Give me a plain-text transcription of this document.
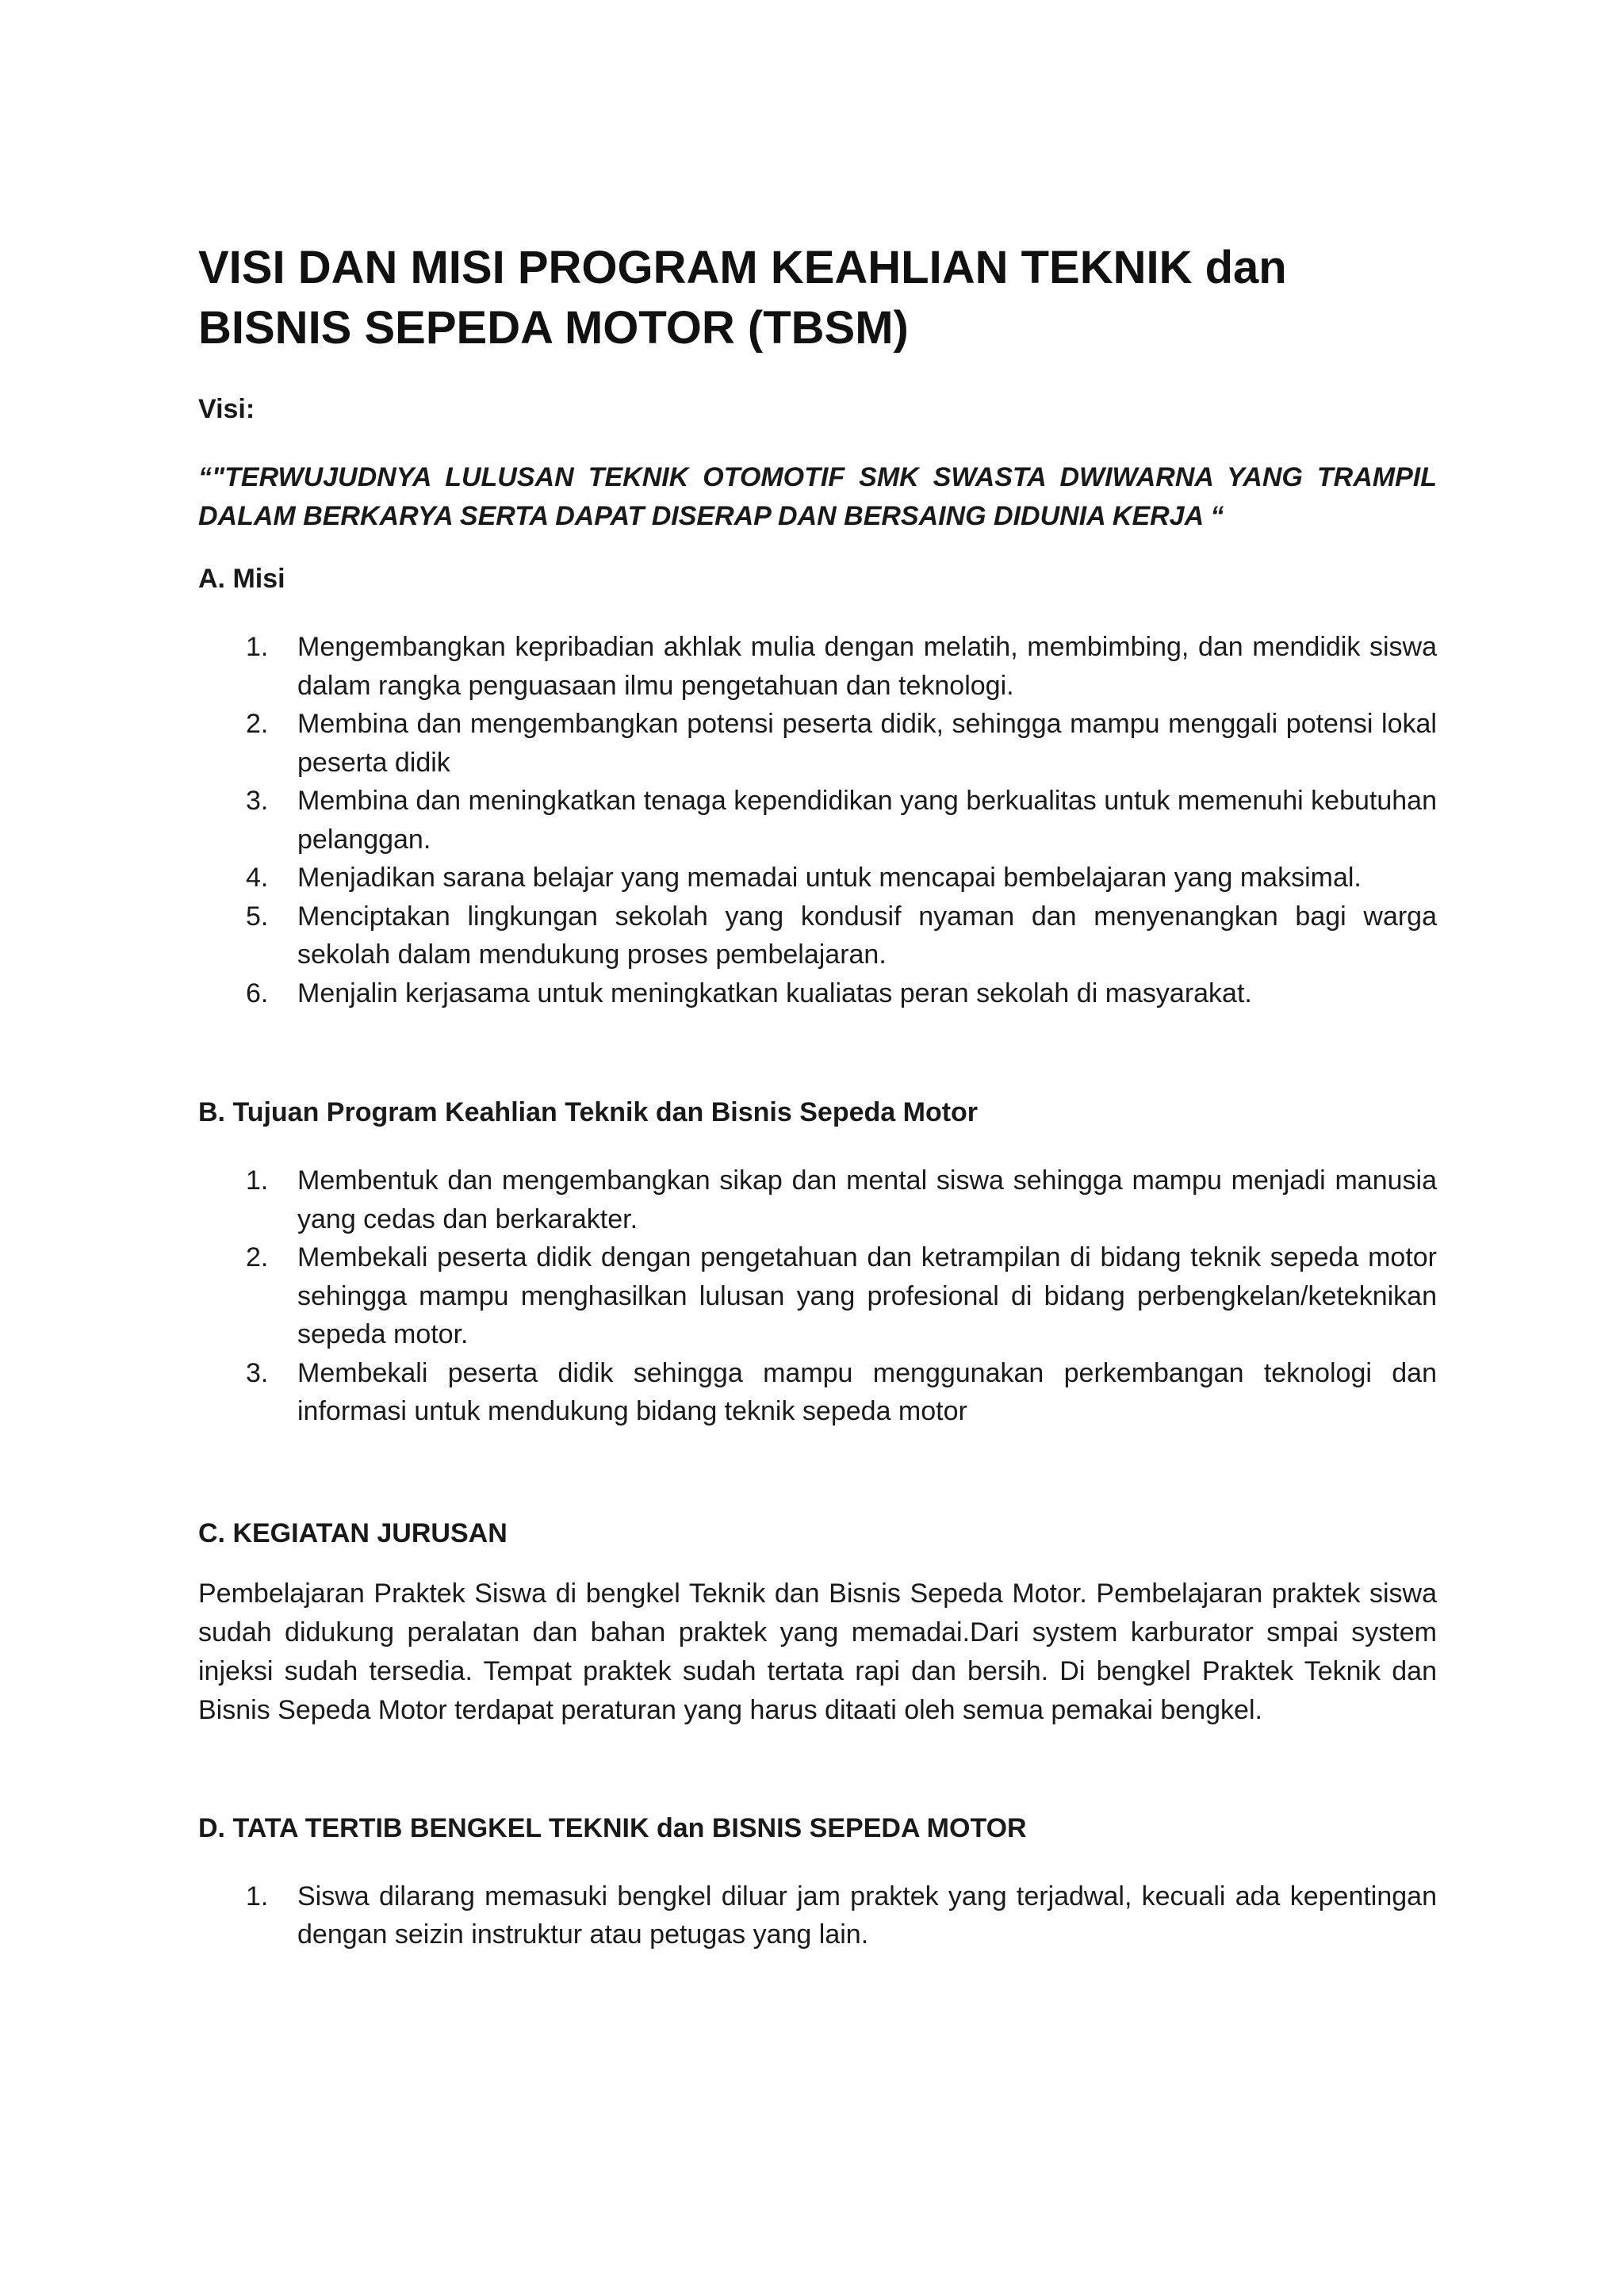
VISI DAN MISI PROGRAM KEAHLIAN TEKNIK dan BISNIS SEPEDA MOTOR (TBSM)

Visi:

“"TERWUJUDNYA LULUSAN TEKNIK OTOMOTIF SMK SWASTA DWIWARNA YANG TRAMPIL DALAM BERKARYA SERTA DAPAT DISERAP DAN BERSAING DIDUNIA KERJA “

A. Misi

1.	Mengembangkan kepribadian akhlak mulia dengan melatih, membimbing, dan mendidik siswa dalam rangka penguasaan ilmu pengetahuan dan teknologi.
2.	Membina dan mengembangkan potensi peserta didik, sehingga mampu menggali potensi lokal peserta didik
3.	Membina dan meningkatkan tenaga kependidikan yang berkualitas untuk memenuhi kebutuhan pelanggan.
4.	Menjadikan sarana belajar yang memadai untuk mencapai bembelajaran yang maksimal.
5.	Menciptakan lingkungan sekolah yang kondusif nyaman dan menyenangkan bagi warga sekolah dalam mendukung proses pembelajaran.
6.	Menjalin kerjasama untuk meningkatkan kualiatas peran sekolah di masyarakat.

B. Tujuan Program Keahlian Teknik dan Bisnis Sepeda Motor

1.	Membentuk dan mengembangkan sikap dan mental siswa sehingga mampu menjadi manusia yang cedas dan berkarakter.
2.	Membekali peserta didik dengan pengetahuan dan ketrampilan di bidang teknik sepeda motor sehingga mampu menghasilkan lulusan yang profesional di bidang perbengkelan/keteknikan sepeda motor.
3.	Membekali peserta didik sehingga mampu menggunakan perkembangan teknologi dan informasi untuk mendukung bidang teknik sepeda motor

C. KEGIATAN JURUSAN

Pembelajaran Praktek Siswa di bengkel Teknik dan Bisnis Sepeda Motor. Pembelajaran praktek siswa sudah didukung peralatan dan bahan praktek yang memadai.Dari system karburator smpai system injeksi sudah tersedia. Tempat praktek sudah tertata rapi dan bersih. Di bengkel Praktek Teknik dan Bisnis Sepeda Motor terdapat peraturan yang harus ditaati oleh semua pemakai bengkel.

D. TATA TERTIB BENGKEL TEKNIK dan BISNIS SEPEDA MOTOR

1.	Siswa dilarang memasuki bengkel diluar jam praktek yang terjadwal, kecuali ada kepentingan dengan seizin instruktur atau petugas yang lain.
